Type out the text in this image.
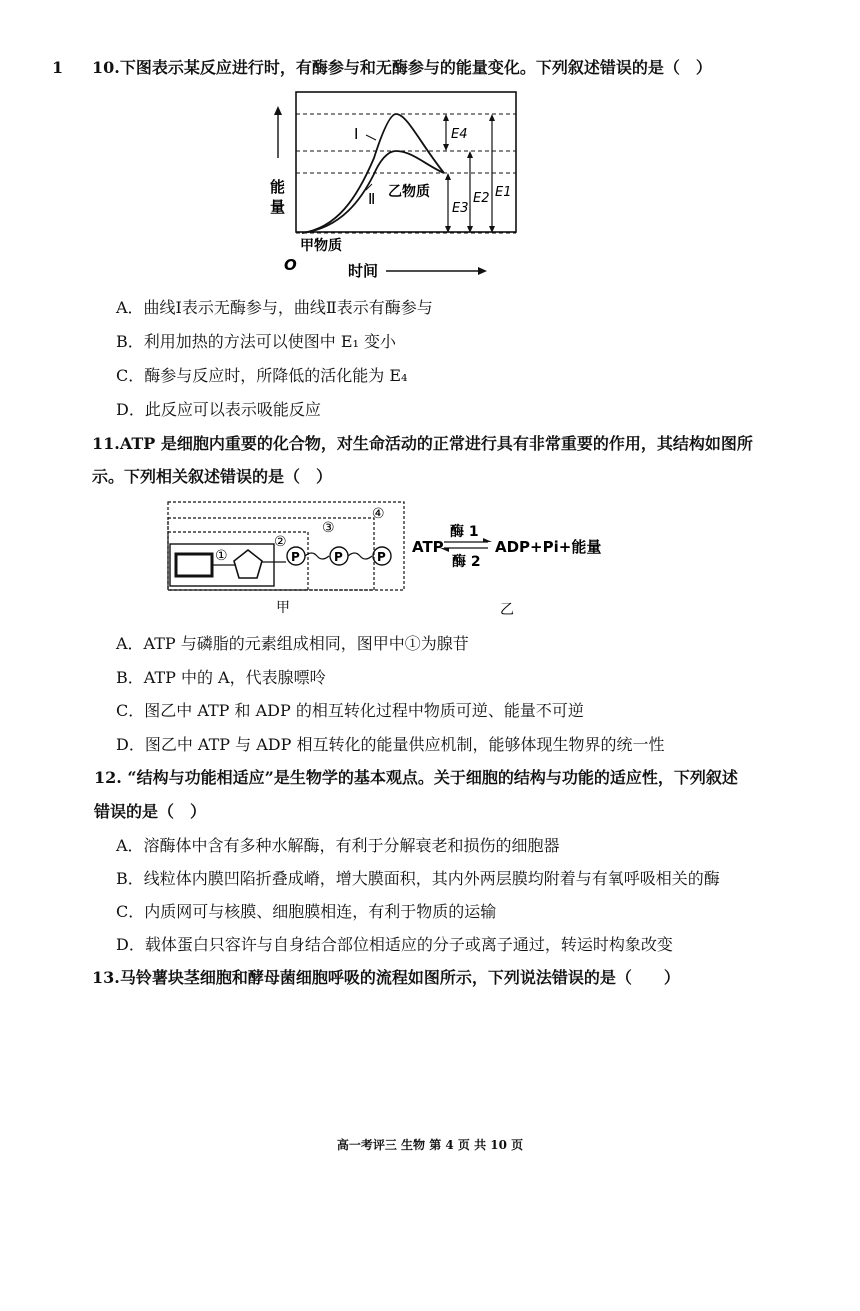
1 10.下图表示某反应进行时，有酶参与和无酶参与的能量变化。下列叙述错误的是（　）
Ⅰ
Ⅱ 乙物质
甲物质
E4
E3
E2 E1
能
量
O	时间
A．曲线Ⅰ表示无酶参与，曲线Ⅱ表示有酶参与
B．利用加热的方法可以使图中 E₁ 变小
C．酶参与反应时，所降低的活化能为 E₄
D．此反应可以表示吸能反应
11.ATP 是细胞内重要的化合物，对生命活动的正常进行具有非常重要的作用，其结构如图所
示。下列相关叙述错误的是（　）
①
②
③
④
P	P	P
ATP
酶 1
酶 2
ADP+Pi+能量
甲	乙
A．ATP 与磷脂的元素组成相同，图甲中①为腺苷
B．ATP 中的 A，代表腺嘌呤
C．图乙中 ATP 和 ADP 的相互转化过程中物质可逆、能量不可逆
D．图乙中 ATP 与 ADP 相互转化的能量供应机制，能够体现生物界的统一性
12. “结构与功能相适应”是生物学的基本观点。关于细胞的结构与功能的适应性，下列叙述
错误的是（　）
A．溶酶体中含有多种水解酶，有利于分解衰老和损伤的细胞器
B．线粒体内膜凹陷折叠成嵴，增大膜面积，其内外两层膜均附着与有氧呼吸相关的酶
C．内质网可与核膜、细胞膜相连，有利于物质的运输
D．载体蛋白只容许与自身结合部位相适应的分子或离子通过，转运时构象改变
13.马铃薯块茎细胞和酵母菌细胞呼吸的流程如图所示，下列说法错误的是（　　）
高一考评三 生物 第 4 页 共 10 页
